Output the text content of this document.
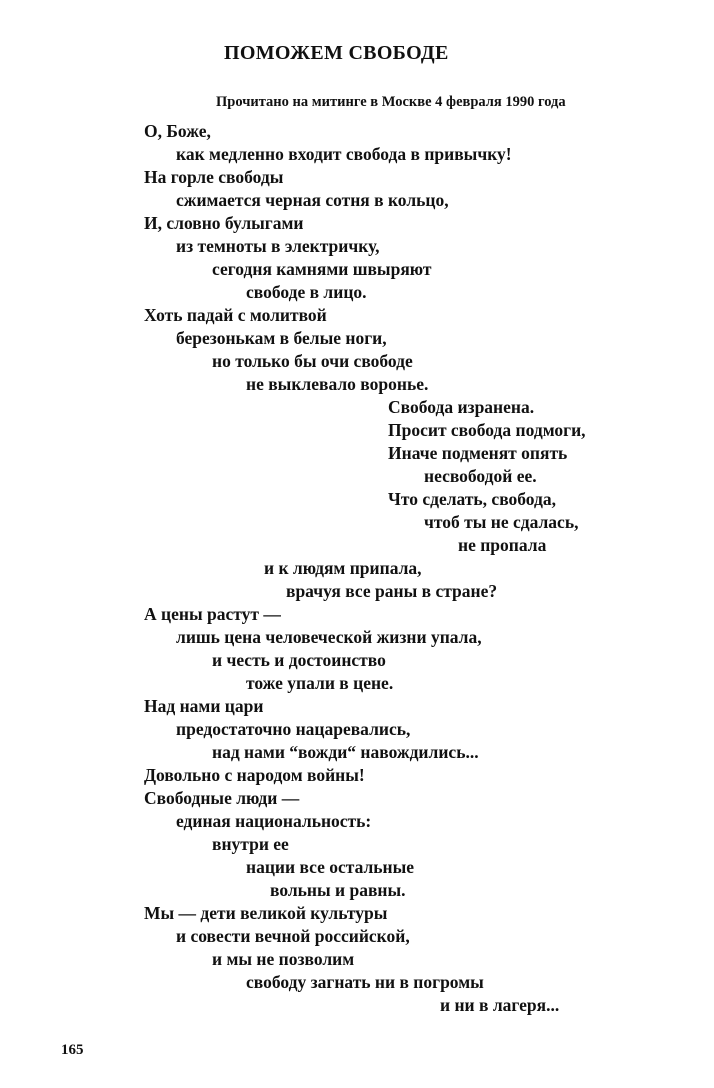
ПОМОЖЕМ СВОБОДЕ
Прочитано на митинге в Москве 4 февраля 1990 года
О, Боже,
как медленно входит свобода в привычку!
На горле свободы
сжимается черная сотня в кольцо,
И, словно булыгами
из темноты в электричку,
сегодня камнями швыряют
свободе в лицо.
Хоть падай с молитвой
березонькам в белые ноги,
но только бы очи свободе
не выклевало воронье.
Свобода изранена.
Просит свобода подмоги,
Иначе подменят опять
несвободой ее.
Что сделать, свобода,
чтоб ты не сдалась,
не пропала
и к людям припала,
врачуя все раны в стране?
А цены растут —
лишь цена человеческой жизни упала,
и честь и достоинство
тоже упали в цене.
Над нами цари
предостаточно нацаревались,
над нами “вожди“ навождились...
Довольно с народом войны!
Свободные люди —
единая национальность:
внутри ее
нации все остальные
вольны и равны.
Мы — дети великой культуры
и совести вечной российской,
и мы не позволим
свободу загнать ни в погромы
и ни в лагеря...
165
